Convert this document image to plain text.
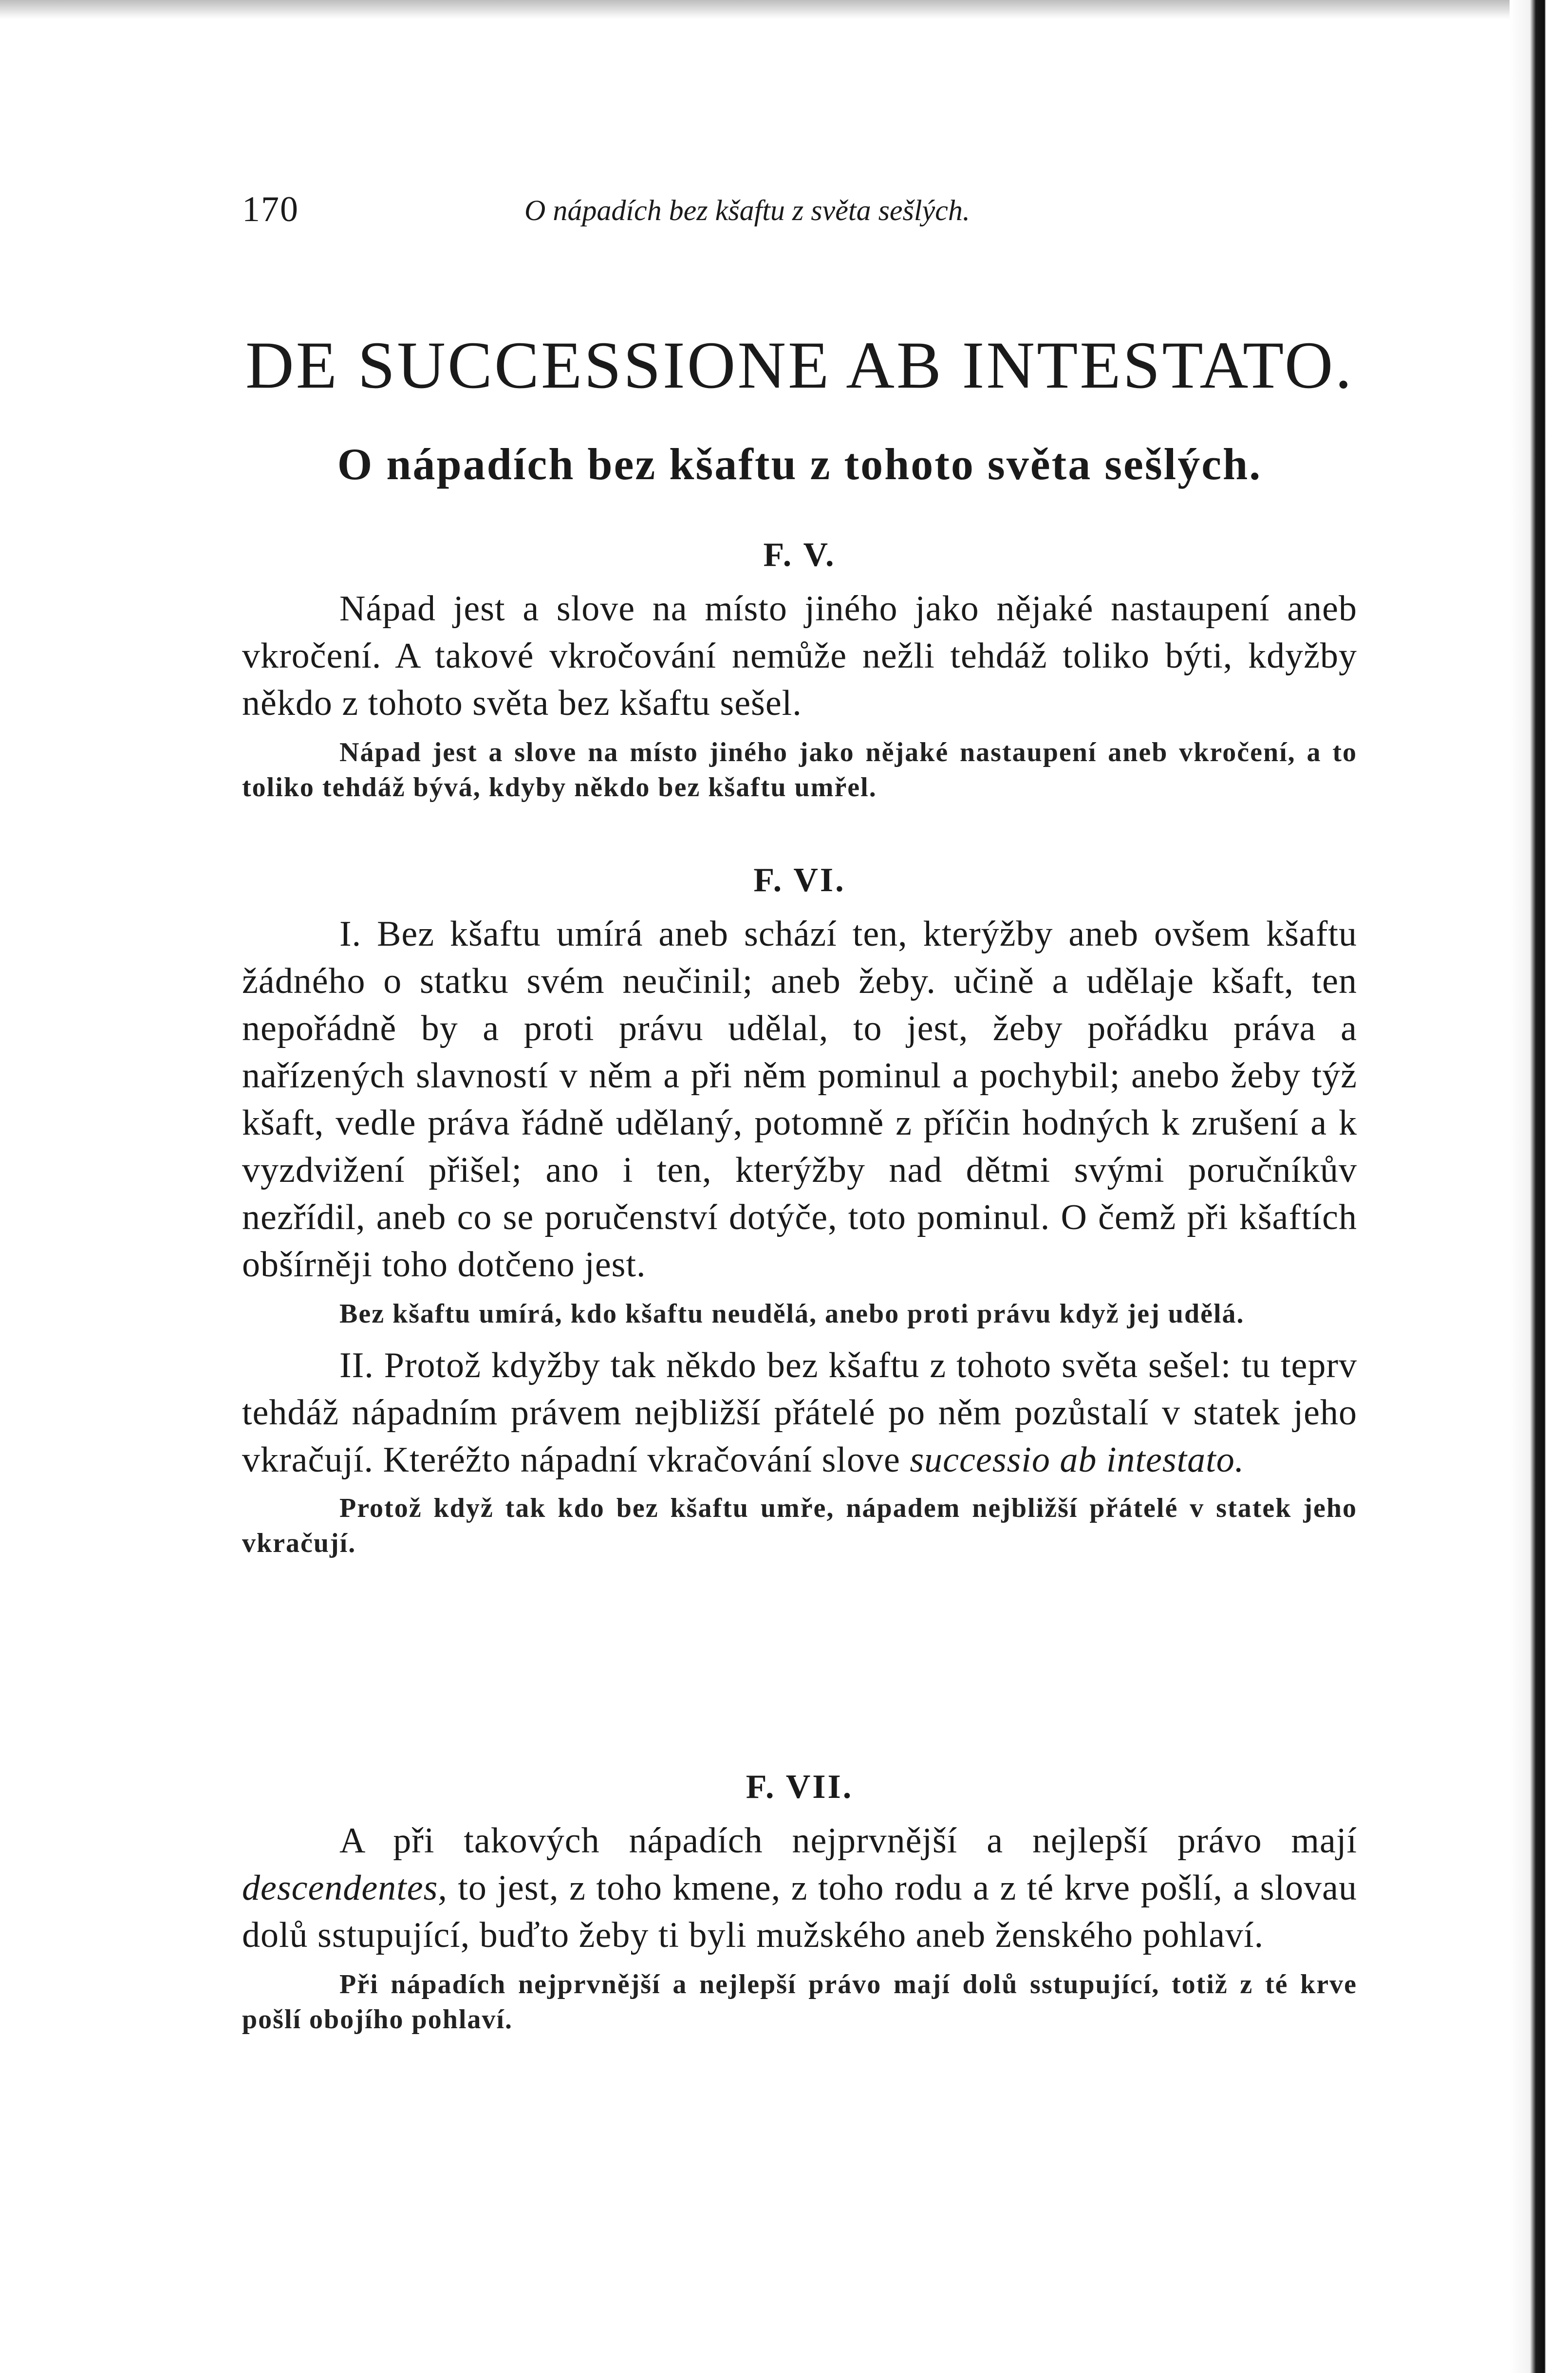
170	O nápadích bez kšaftu z světa sešlých.
DE SUCCESSIONE AB INTESTATO.
O nápadích bez kšaftu z tohoto světa sešlých.

F. V.

Nápad jest a slove na místo jiného jako nějaké nastaupení aneb vkročení. A takové vkročování nemůže nežli tehdáž toliko býti, kdyžby někdo z tohoto světa bez kšaftu sešel.

Nápad jest a slove na místo jiného jako nějaké nastaupení aneb vkročení, a to toliko tehdáž bývá, kdyby někdo bez kšaftu umřel.

F. VI.

I. Bez kšaftu umírá aneb schází ten, kterýžby aneb ovšem kšaftu žádného o statku svém neučinil; aneb žeby. učině a udělaje kšaft, ten nepořádně by a proti právu udělal, to jest, žeby pořádku práva a nařízených slavností v něm a při něm pominul a pochybil; anebo žeby týž kšaft, vedle práva řádně udělaný, potomně z příčin hodných k zrušení a k vyzdvižení přišel; ano i ten, kterýžby nad dětmi svými poručníkův nezřídil, aneb co se poručenství dotýče, toto pominul. O čemž při kšaftích obšírněji toho dotčeno jest.

Bez kšaftu umírá, kdo kšaftu neudělá, anebo proti právu když jej udělá.

II. Protož kdyžby tak někdo bez kšaftu z tohoto světa sešel: tu teprv tehdáž nápadním právem nejbližší přátelé po něm pozůstalí v statek jeho vkračují. Kteréžto nápadní vkračování slove successio ab intestato.

Protož když tak kdo bez kšaftu umře, nápadem nejbližší přátelé v statek jeho vkračují.

F. VII.

A při takových nápadích nejprvnější a nejlepší právo mají descendentes, to jest, z toho kmene, z toho rodu a z té krve pošlí, a slovau dolů sstupující, buďto žeby ti byli mužského aneb ženského pohlaví.

Při nápadích nejprvnější a nejlepší právo mají dolů sstupující, totiž z té krve pošlí obojího pohlaví.
